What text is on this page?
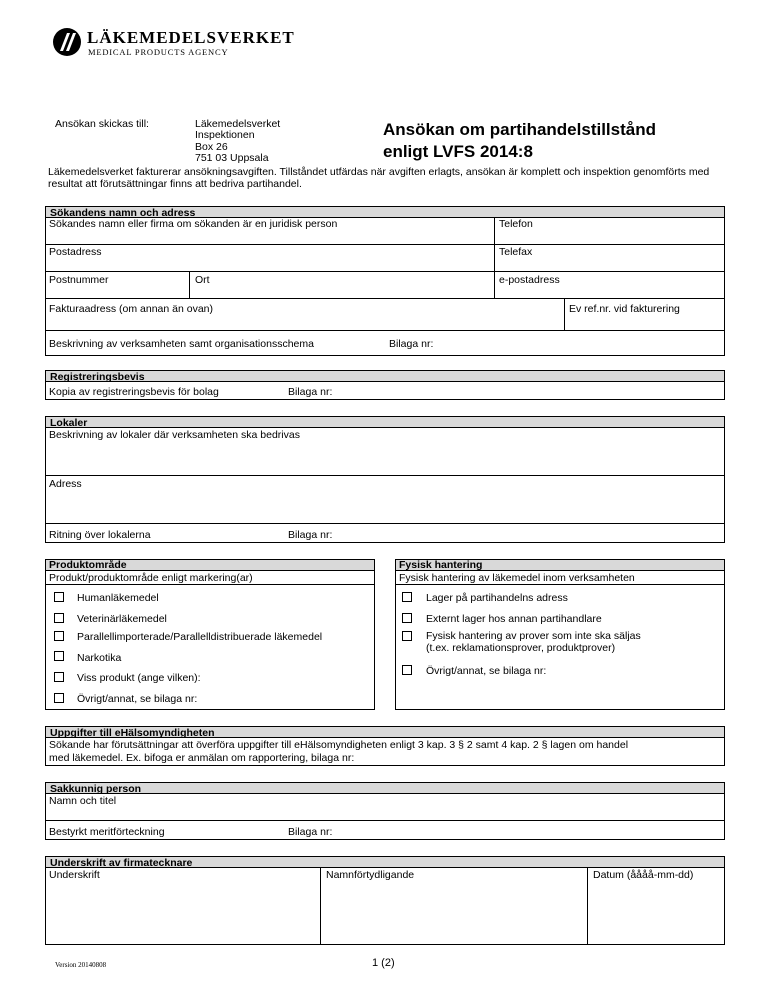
LÄKEMEDELSVERKET
MEDICAL PRODUCTS AGENCY
Ansökan skickas till:	Läkemedelsverket
Inspektionen
Box 26
751 03 Uppsala
Ansökan om partihandelstillstånd
enligt LVFS 2014:8
Läkemedelsverket fakturerar ansökningsavgiften. Tillståndet utfärdas när avgiften erlagts, ansökan är komplett och inspektion genomförts med resultat att förutsättningar finns att bedriva partihandel.
Sökandens namn och adress
Sökandes namn eller firma om sökanden är en juridisk person	Telefon
Postadress	Telefax
Postnummer	Ort	e-postadress
Fakturaadress (om annan än ovan)	Ev ref.nr. vid fakturering
Beskrivning av verksamheten samt organisationsschema	Bilaga nr:
Registreringsbevis
Kopia av registreringsbevis för bolag	Bilaga nr:
Lokaler
Beskrivning av lokaler där verksamheten ska bedrivas
Adress
Ritning över lokalerna	Bilaga nr:
Produktområde
Produkt/produktområde enligt markering(ar)
Humanläkemedel
Veterinärläkemedel
Parallellimporterade/Parallelldistribuerade läkemedel
Narkotika
Viss produkt (ange vilken):
Övrigt/annat, se bilaga nr:
Fysisk hantering
Fysisk hantering av läkemedel inom verksamheten
Lager på partihandelns adress
Externt lager hos annan partihandlare
Fysisk hantering av prover som inte ska säljas
(t.ex. reklamationsprover, produktprover)
Övrigt/annat, se bilaga nr:
Uppgifter till eHälsomyndigheten
Sökande har förutsättningar att överföra uppgifter till eHälsomyndigheten enligt 3 kap. 3 § 2 samt 4 kap. 2 § lagen om handel
med läkemedel. Ex. bifoga er anmälan om rapportering, bilaga nr:
Sakkunnig person
Namn och titel
Bestyrkt meritförteckning	Bilaga nr:
Underskrift av firmatecknare
Underskrift	Namnförtydligande	Datum (åååå-mm-dd)
Version 20140808	1 (2)
